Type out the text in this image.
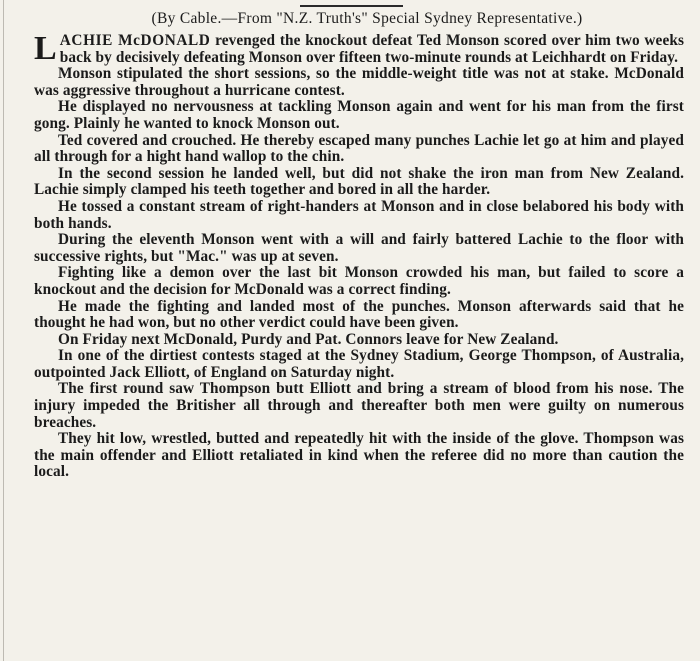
(By Cable.—From "N.Z. Truth's" Special Sydney Representative.)

LACHIE McDONALD revenged the knockout defeat Ted Monson scored over him two weeks back by decisively defeating Monson over fifteen two-minute rounds at Leichhardt on Friday.

Monson stipulated the short sessions, so the middle-weight title was not at stake. McDonald was aggressive throughout a hurricane contest.

He displayed no nervousness at tackling Monson again and went for his man from the first gong. Plainly he wanted to knock Monson out.

Ted covered and crouched. He thereby escaped many punches Lachie let go at him and played all through for a hight hand wallop to the chin.

In the second session he landed well, but did not shake the iron man from New Zealand. Lachie simply clamped his teeth together and bored in all the harder.

He tossed a constant stream of right-handers at Monson and in close belabored his body with both hands.

During the eleventh Monson went with a will and fairly battered Lachie to the floor with successive rights, but "Mac." was up at seven.

Fighting like a demon over the last bit Monson crowded his man, but failed to score a knockout and the decision for McDonald was a correct finding.

He made the fighting and landed most of the punches. Monson afterwards said that he thought he had won, but no other verdict could have been given.

On Friday next McDonald, Purdy and Pat. Connors leave for New Zealand.

In one of the dirtiest contests staged at the Sydney Stadium, George Thompson, of Australia, outpointed Jack Elliott, of England on Saturday night.

The first round saw Thompson butt Elliott and bring a stream of blood from his nose. The injury impeded the Britisher all through and thereafter both men were guilty on numerous breaches.

They hit low, wrestled, butted and repeatedly hit with the inside of the glove. Thompson was the main offender and Elliott retaliated in kind when the referee did no more than caution the local.
